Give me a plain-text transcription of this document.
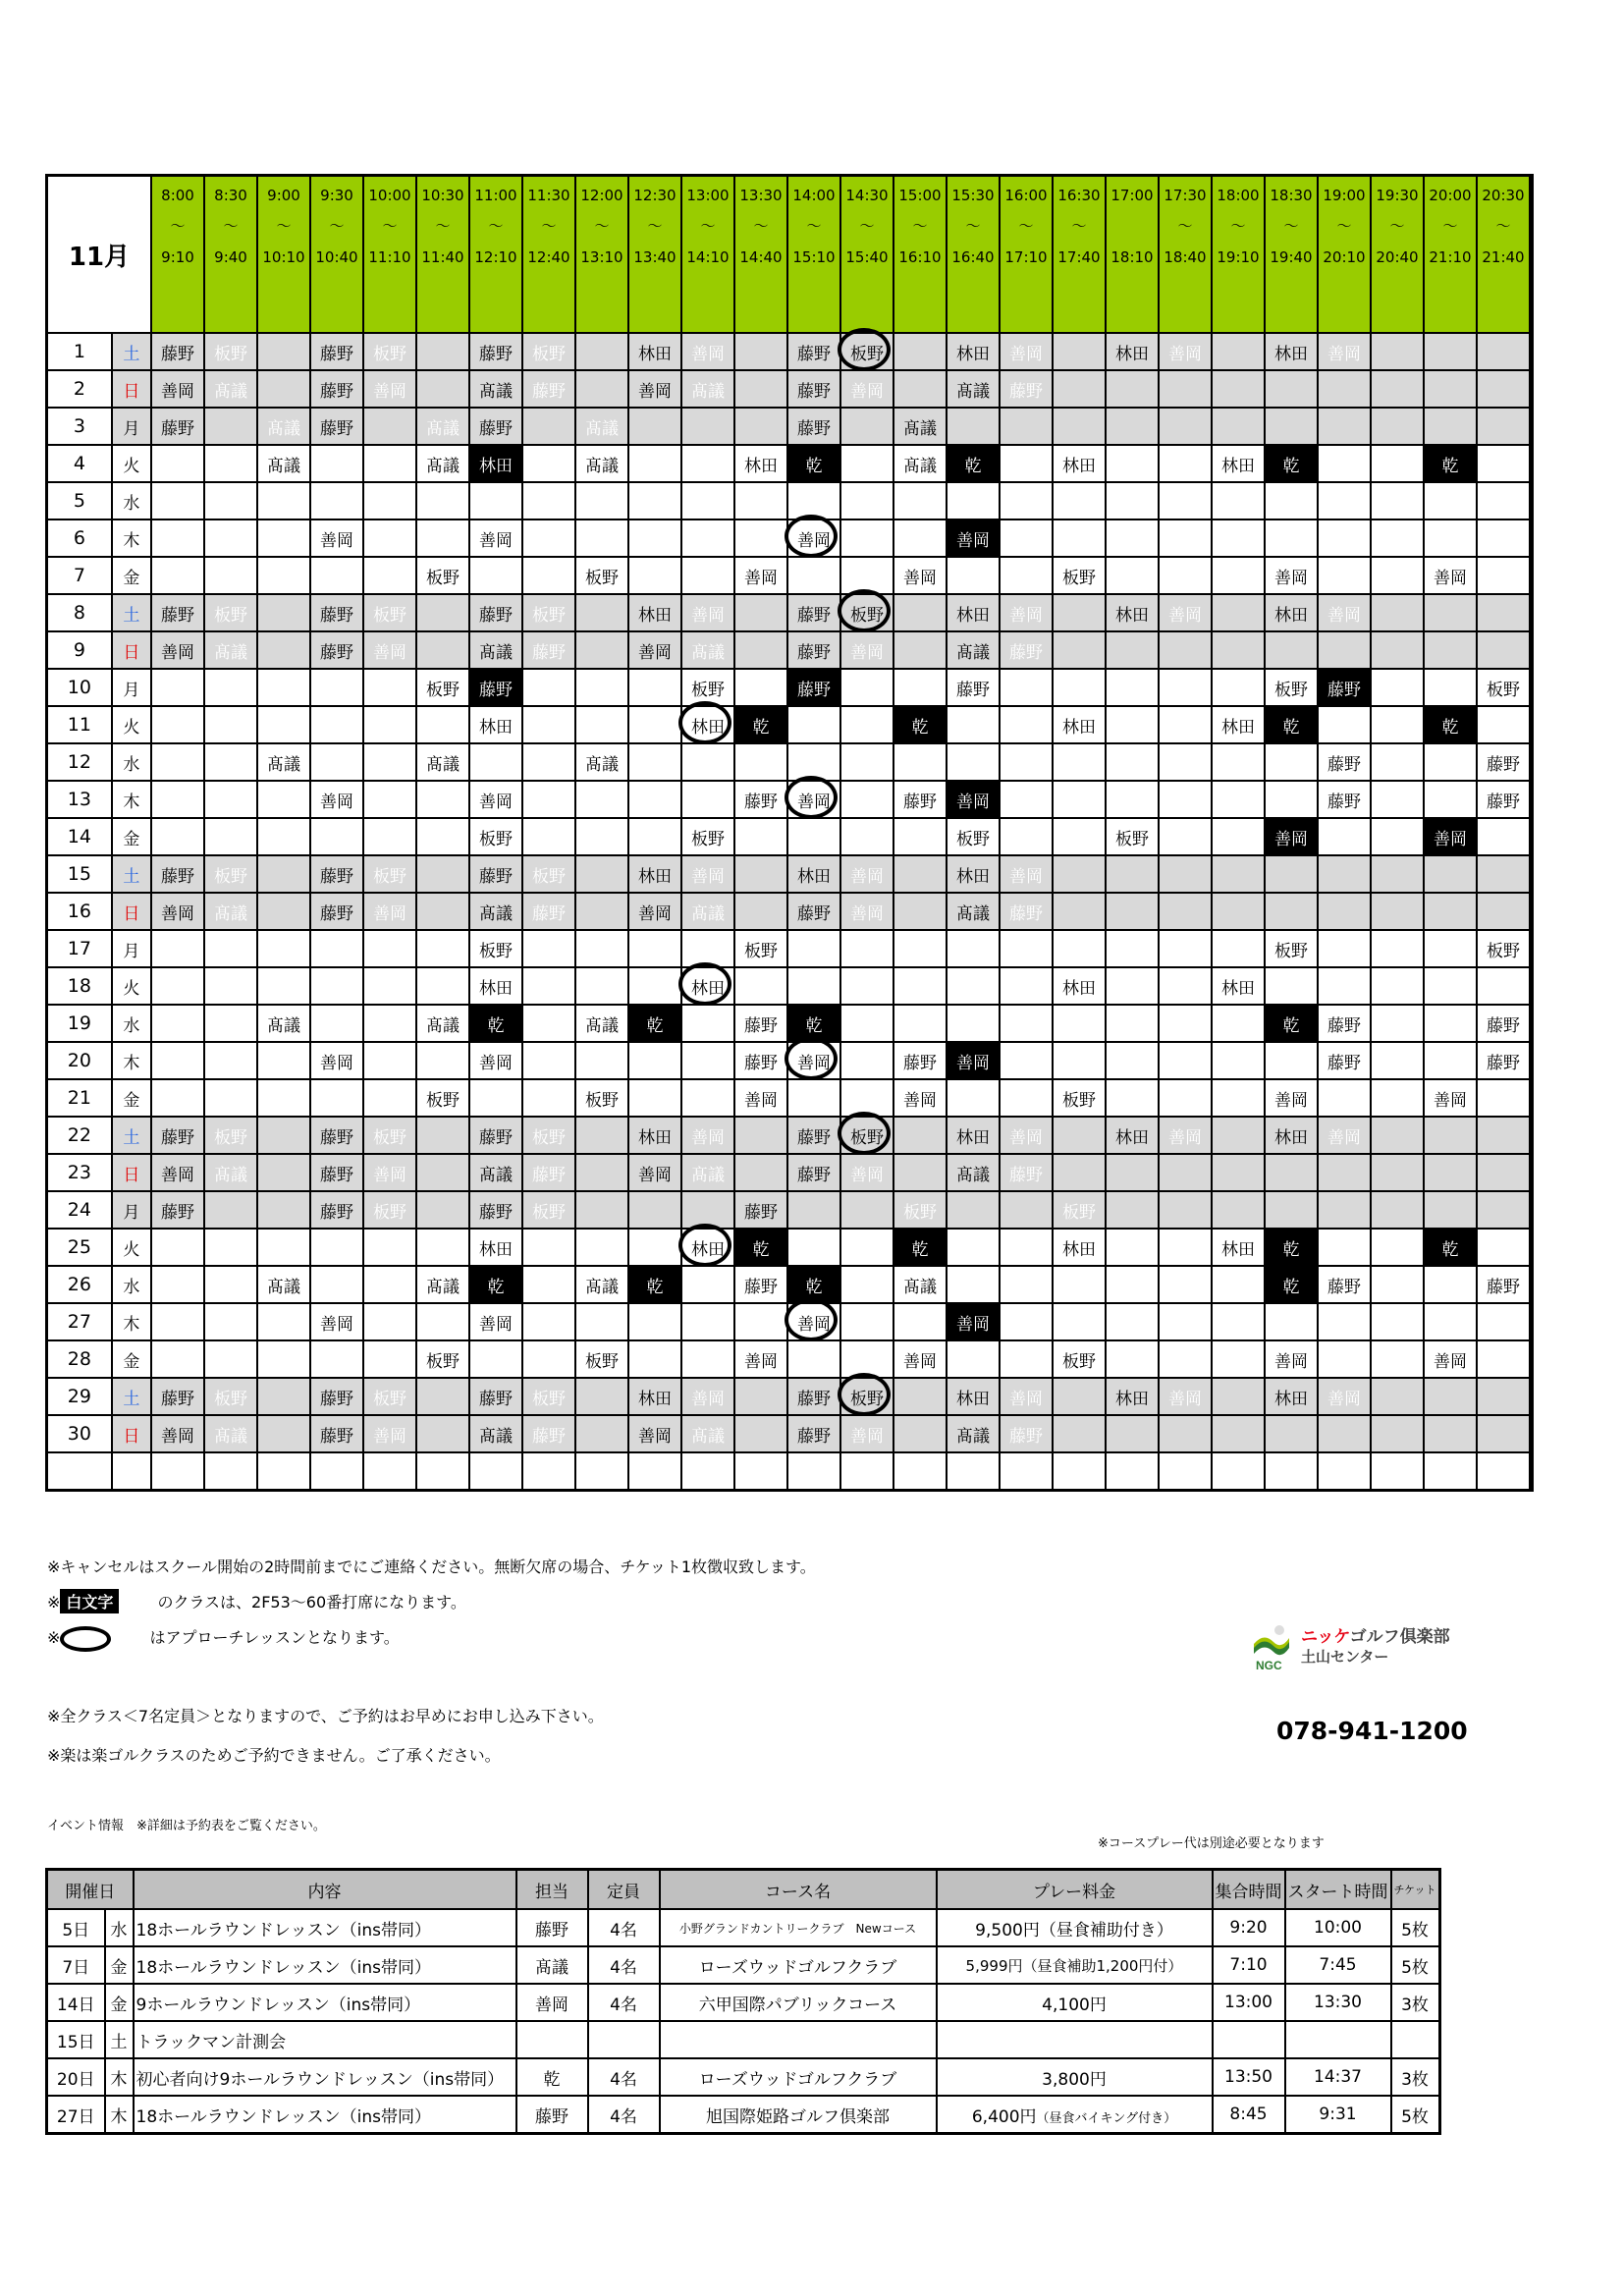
11月	
8:00
〜
9:10

8:30
〜
9:40

9:00
〜
10:10

9:30
〜
10:40

10:00
〜
11:10

10:30
〜
11:40

11:00
〜
12:10

11:30
〜
12:40

12:00
〜
13:10

12:30
〜
13:40

13:00
〜
14:10

13:30
〜
14:40

14:00
〜
15:10

14:30
〜
15:40

15:00
〜
16:10

15:30
〜
16:40

16:00
〜
17:10

16:30
〜
17:40

17:00
18:10

17:30
〜
18:40

18:00
〜
19:10

18:30
〜
19:40

19:00
〜
20:10

19:30
〜
20:40

20:00
〜
21:10

20:30
〜
21:40

1	土	藤野	板野		藤野	板野		藤野	板野		林田	善岡		藤野	板野		林田	善岡		林田	善岡		林田	善岡				
2	日	善岡	髙議		藤野	善岡		髙議	藤野		善岡	髙議		藤野	善岡		髙議	藤野									
3	月	藤野		髙議	藤野		髙議	藤野		髙議				藤野		髙議											
4	火			髙議			髙議	林田		髙議			林田	乾		髙議	乾		林田			林田	乾			乾	
5	水																										
6	木				善岡			善岡						善岡			善岡										
7	金						板野			板野			善岡			善岡			板野				善岡			善岡	
8	土	藤野	板野		藤野	板野		藤野	板野		林田	善岡		藤野	板野		林田	善岡		林田	善岡		林田	善岡				
9	日	善岡	髙議		藤野	善岡		髙議	藤野		善岡	髙議		藤野	善岡		髙議	藤野									
10	月						板野	藤野				板野		藤野			藤野						板野	藤野			板野
11	火							林田				林田	乾			乾			林田			林田	乾			乾	
12	水			髙議			髙議			髙議														藤野			藤野
13	木				善岡			善岡					藤野	善岡		藤野	善岡							藤野			藤野
14	金							板野				板野					板野			板野			善岡			善岡	
15	土	藤野	板野		藤野	板野		藤野	板野		林田	善岡		林田	善岡		林田	善岡									
16	日	善岡	髙議		藤野	善岡		髙議	藤野		善岡	髙議		藤野	善岡		髙議	藤野									
17	月							板野					板野										板野				板野
18	火							林田				林田							林田			林田					
19	水			髙議			髙議	乾		髙議	乾		藤野	乾									乾	藤野			藤野
20	木				善岡			善岡					藤野	善岡		藤野	善岡							藤野			藤野
21	金						板野			板野			善岡			善岡			板野				善岡			善岡	
22	土	藤野	板野		藤野	板野		藤野	板野		林田	善岡		藤野	板野		林田	善岡		林田	善岡		林田	善岡				
23	日	善岡	髙議		藤野	善岡		髙議	藤野		善岡	髙議		藤野	善岡		髙議	藤野									
24	月	藤野			藤野	板野		藤野	板野				藤野			板野			板野								
25	火							林田				林田	乾			乾			林田			林田	乾			乾	
26	水			髙議			髙議	乾		髙議	乾		藤野	乾		髙議							乾	藤野			藤野
27	木				善岡			善岡						善岡			善岡										
28	金						板野			板野			善岡			善岡			板野				善岡			善岡	
29	土	藤野	板野		藤野	板野		藤野	板野		林田	善岡		藤野	板野		林田	善岡		林田	善岡		林田	善岡				
30	日	善岡	髙議		藤野	善岡		髙議	藤野		善岡	髙議		藤野	善岡		髙議	藤野									

※キャンセルはスクール開始の2時間前までにご連絡ください。無断欠席の場合、チケット1枚徴収致します。
※ 白文字	のクラスは、2F53〜60番打席になります。
※	はアプローチレッスンとなります。
※全クラス＜7名定員＞となりますので、ご予約はお早めにお申し込み下さい。
※楽は楽ゴルクラスのためご予約できません。ご了承ください。
イベント情報　※詳細は予約表をご覧ください。
※コースプレー代は別途必要となります
NGC
ニッケゴルフ倶楽部
土山センター
078-941-1200
開催日	内容	担当	定員	コース名	プレー料金	集合時間	スタート時間	チケット
5日	水	18ホールラウンドレッスン（ins帯同）	藤野	4名	小野グランドカントリークラブ　Newコース	9,500円（昼食補助付き）	9:20	10:00	5枚
7日	金	18ホールラウンドレッスン（ins帯同）	髙議	4名	ローズウッドゴルフクラブ	5,999円（昼食補助1,200円付）	7:10	7:45	5枚
14日	金	9ホールラウンドレッスン（ins帯同）	善岡	4名	六甲国際パブリックコース	4,100円	13:00	13:30	3枚
15日	土	トラックマン計測会							
20日	木	初心者向け9ホールラウンドレッスン（ins帯同）	乾	4名	ローズウッドゴルフクラブ	3,800円	13:50	14:37	3枚
27日	木	18ホールラウンドレッスン（ins帯同）	藤野	4名	旭国際姫路ゴルフ倶楽部	6,400円（昼食バイキング付き）	8:45	9:31	5枚
